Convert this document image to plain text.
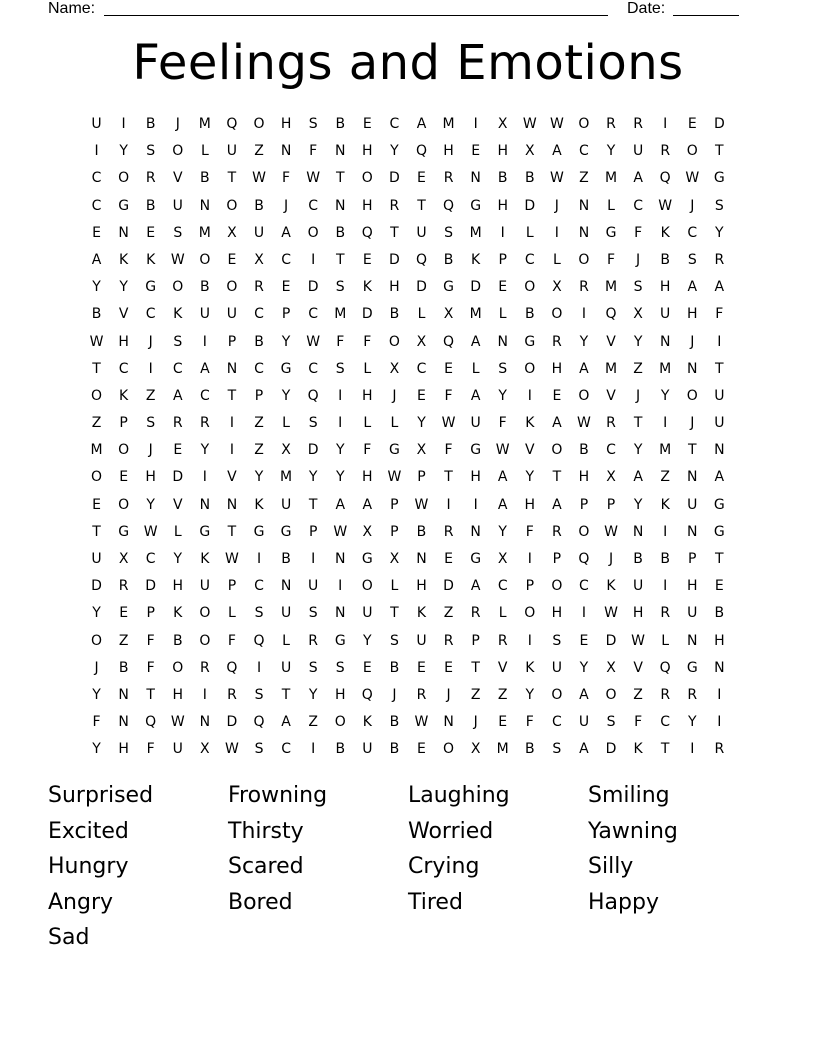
Name:	Date:
Feelings and Emotions
U	I	B	J	M	Q	O	H	S	B	E	C	A	M	I	X	W W	O	R	R	I	E	D
I	Y	S	O	L	U	Z	N	F	N	H	Y	Q	H	E	H	X	A	C	Y	U	R	O	T
C	O	R	V	B	T	W	F	W	T	O	D	E	R	N	B	B	W	Z	M	A	Q	W	G
C	G	B	U	N	O	B	J	C	N	H	R	T	Q	G	H	D	J	N	L	C	W	J	S
E	N	E	S	M	X	U	A	O	B	Q	T	U	S	M	I	L	I	N	G	F	K	C	Y
A	K	K	W	O	E	X	C	I	T	E	D	Q	B	K	P	C	L	O	F	J	B	S	R
Y	Y	G	O	B	O	R	E	D	S	K	H	D	G	D	E	O	X	R	M	S	H	A	A
B	V	C	K	U	U	C	P	C	M	D	B	L	X	M	L	B	O	I	Q	X	U	H	F
W	H	J	S	I	P	B	Y	W	F	F	O	X	Q	A	N	G	R	Y	V	Y	N	J	I
T	C	I	C	A	N	C	G	C	S	L	X	C	E	L	S	O	H	A	M	Z	M	N	T
O	K	Z	A	C	T	P	Y	Q	I	H	J	E	F	A	Y	I	E	O	V	J	Y	O	U
Z	P	S	R	R	I	Z	L	S	I	L	L	Y	W	U	F	K	A	W	R	T	I	J	U
M	O	J	E	Y	I	Z	X	D	Y	F	G	X	F	G	W	V	O	B	C	Y	M	T	N
O	E	H	D	I	V	Y	M	Y	Y	H	W	P	T	H	A	Y	T	H	X	A	Z	N	A
E	O	Y	V	N	N	K	U	T	A	A	P	W	I	I	A	H	A	P	P	Y	K	U	G
T	G	W	L	G	T	G	G	P	W	X	P	B	R	N	Y	F	R	O	W	N	I	N	G
U	X	C	Y	K	W	I	B	I	N	G	X	N	E	G	X	I	P	Q	J	B	B	P	T
D	R	D	H	U	P	C	N	U	I	O	L	H	D	A	C	P	O	C	K	U	I	H	E
Y	E	P	K	O	L	S	U	S	N	U	T	K	Z	R	L	O	H	I	W	H	R	U	B
O	Z	F	B	O	F	Q	L	R	G	Y	S	U	R	P	R	I	S	E	D	W	L	N	H
J	B	F	O	R	Q	I	U	S	S	E	B	E	E	T	V	K	U	Y	X	V	Q	G	N
Y	N	T	H	I	R	S	T	Y	H	Q	J	R	J	Z	Z	Y	O	A	O	Z	R	R	I
F	N	Q	W	N	D	Q	A	Z	O	K	B	W	N	J	E	F	C	U	S	F	C	Y	I
Y	H	F	U	X	W	S	C	I	B	U	B	E	O	X	M	B	S	A	D	K	T	I	R
Surprised	Frowning	Laughing	Smiling
Excited	Thirsty	Worried	Yawning
Hungry	Scared	Crying	Silly
Angry	Bored	Tired	Happy
Sad
